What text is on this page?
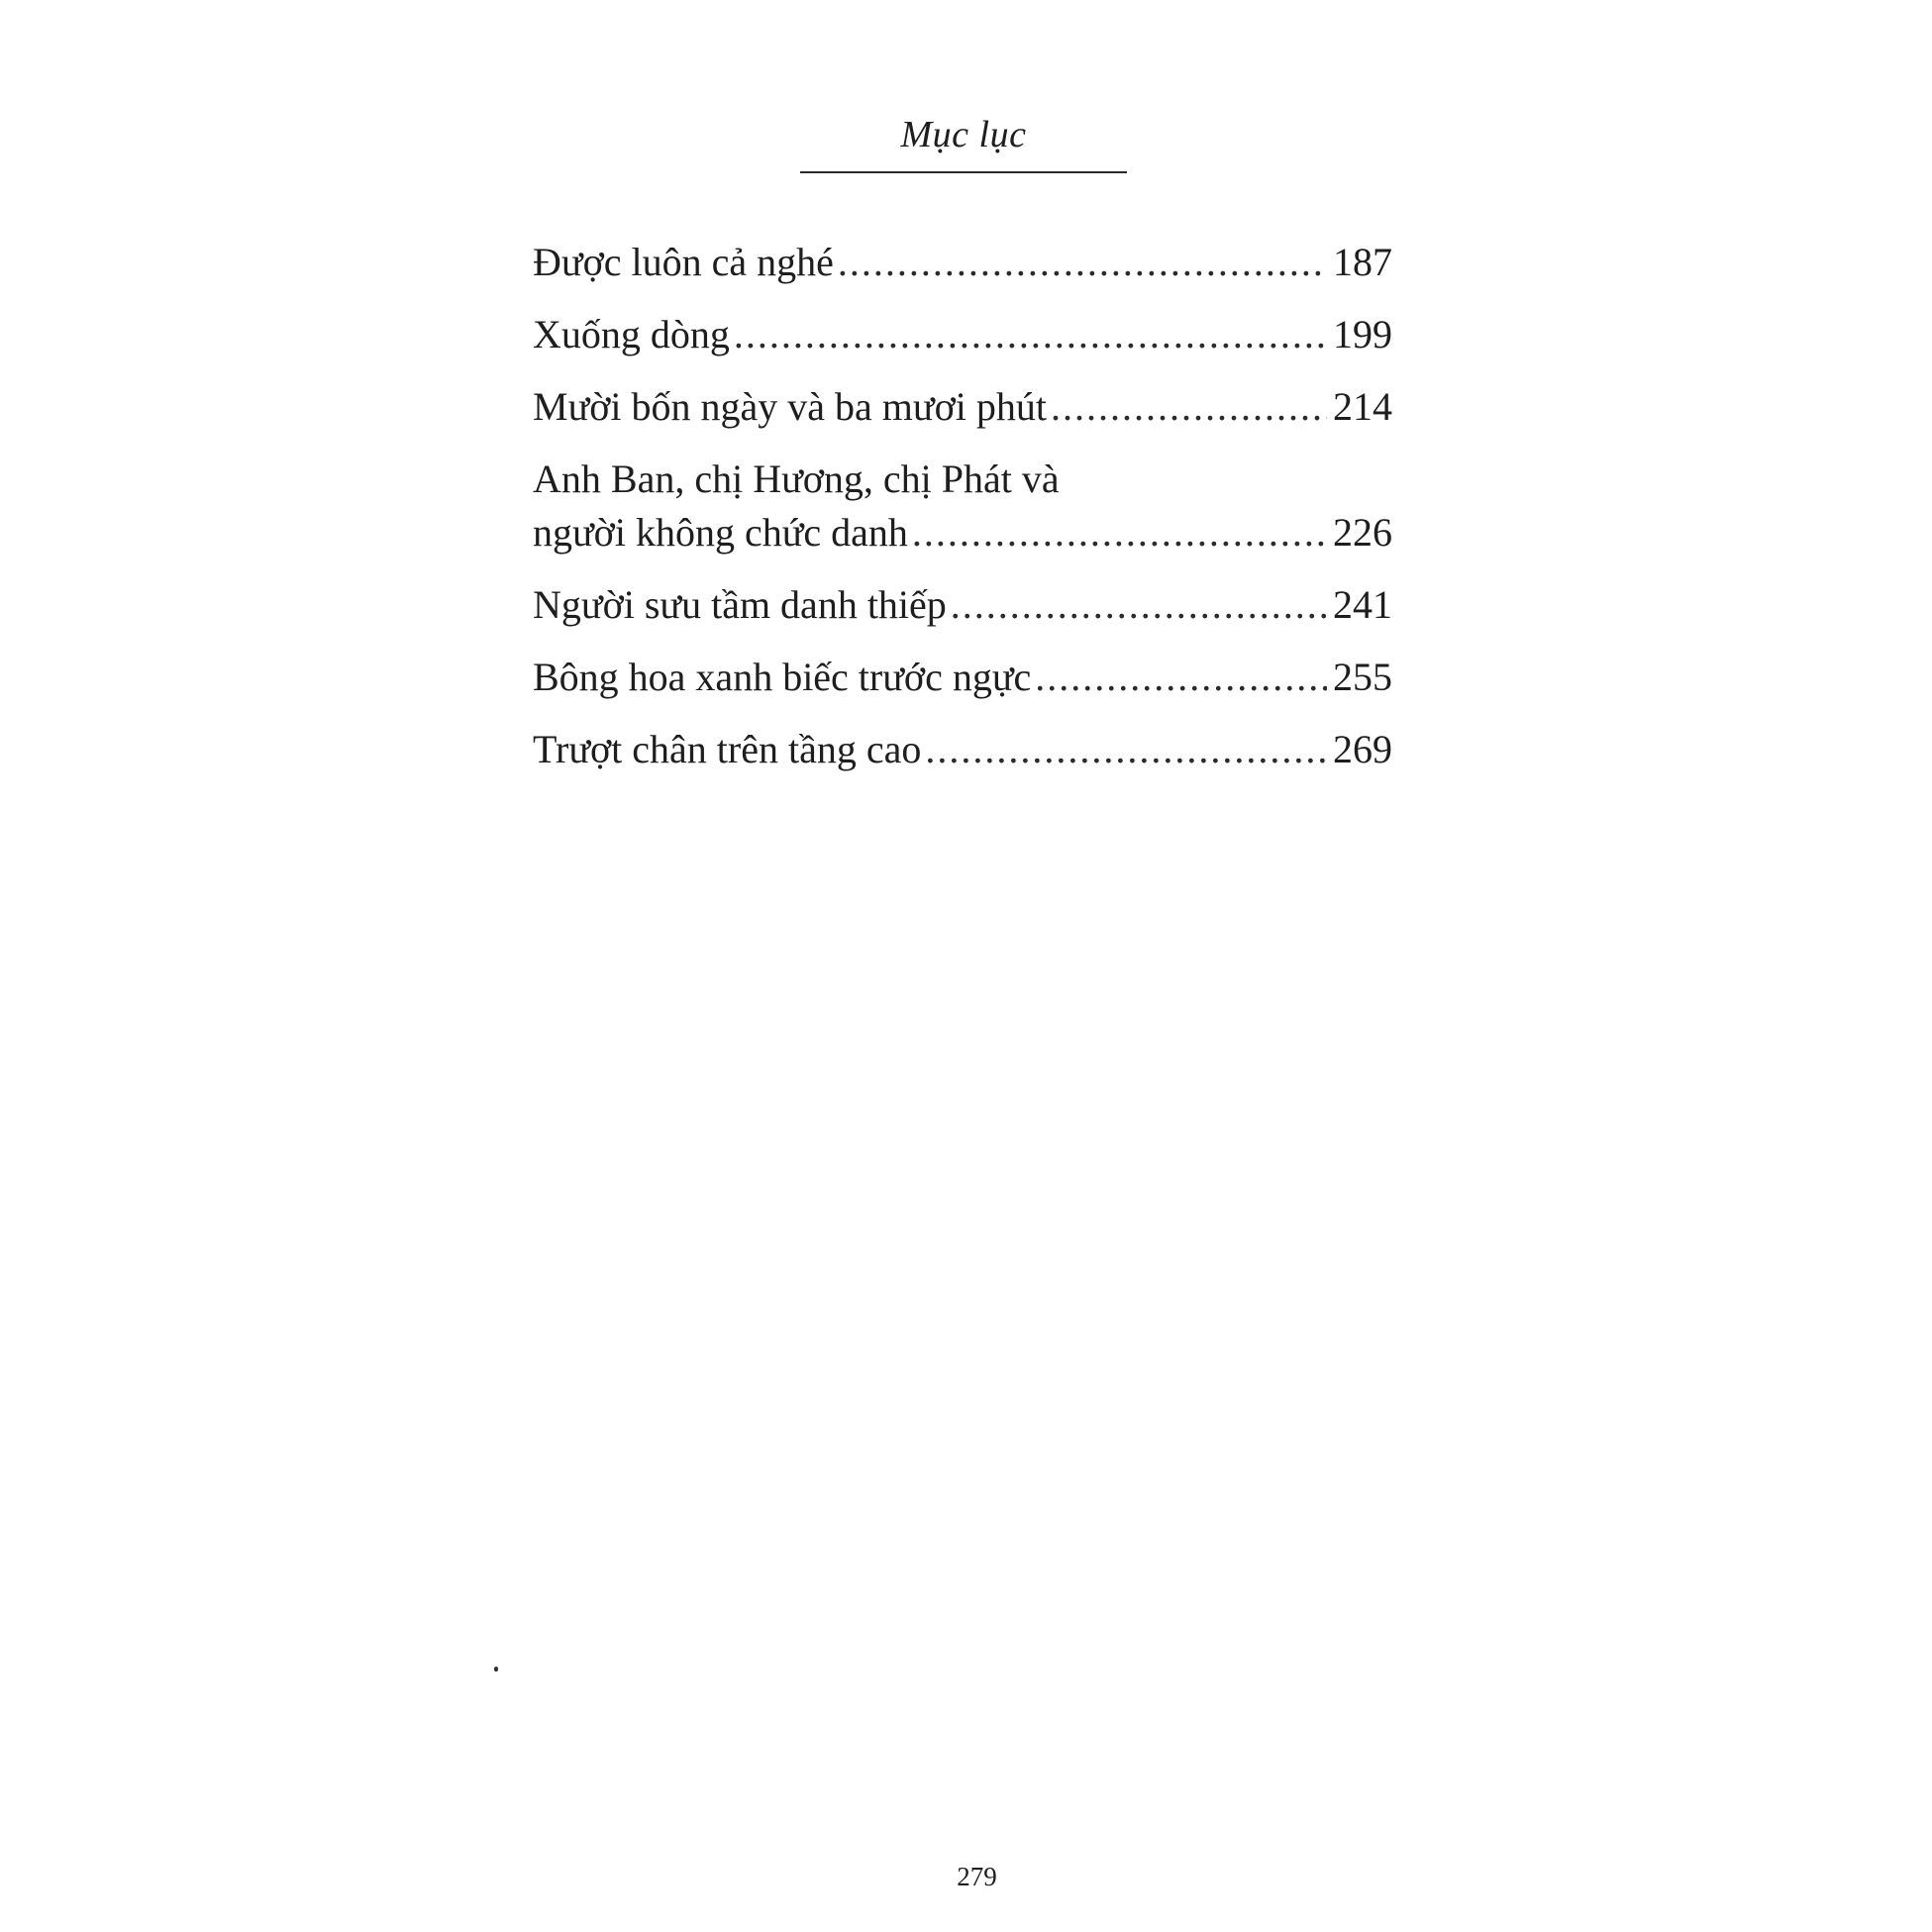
Mục lục
Được luôn cả nghé .....	187
Xuống dòng .....	199
Mười bốn ngày và ba mươi phút .....	214
Anh Ban, chị Hương, chị Phát và
người không chức danh .....	226
Người sưu tầm danh thiếp .....	241
Bông hoa xanh biếc trước ngực .....	255
Trượt chân trên tầng cao .....	269
279
